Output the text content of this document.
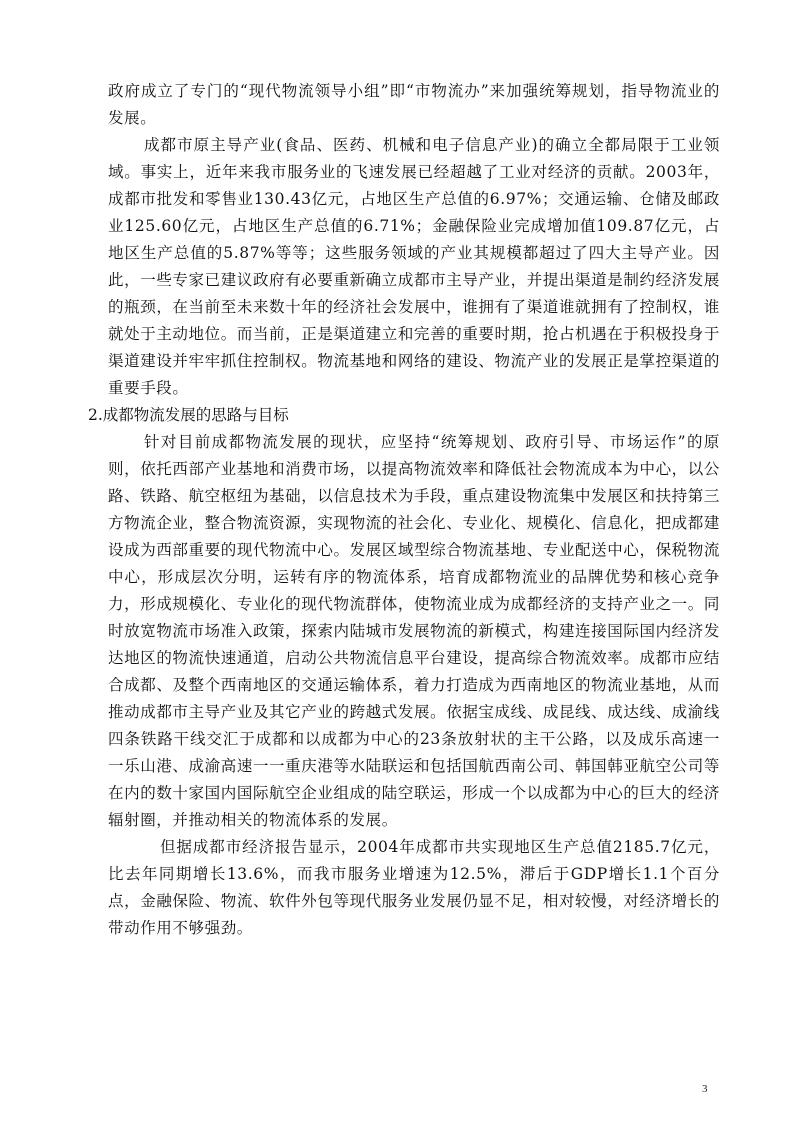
政府成立了专门的“现代物流领导小组”即“市物流办”来加强统筹规划，指导物流业的发展。

成都市原主导产业(食品、医药、机械和电子信息产业)的确立全都局限于工业领域。事实上，近年来我市服务业的飞速发展已经超越了工业对经济的贡献。2003年，成都市批发和零售业130.43亿元，占地区生产总值的6.97%；交通运输、仓储及邮政业125.60亿元，占地区生产总值的6.71%；金融保险业完成增加值109.87亿元，占地区生产总值的5.87%等等；这些服务领域的产业其规模都超过了四大主导产业。因此，一些专家已建议政府有必要重新确立成都市主导产业，并提出渠道是制约经济发展的瓶颈，在当前至未来数十年的经济社会发展中，谁拥有了渠道谁就拥有了控制权，谁就处于主动地位。而当前，正是渠道建立和完善的重要时期，抢占机遇在于积极投身于渠道建设并牢牢抓住控制权。物流基地和网络的建设、物流产业的发展正是掌控渠道的重要手段。

2.成都物流发展的思路与目标

针对目前成都物流发展的现状，应坚持“统筹规划、政府引导、市场运作”的原则，依托西部产业基地和消费市场，以提高物流效率和降低社会物流成本为中心，以公路、铁路、航空枢纽为基础，以信息技术为手段，重点建设物流集中发展区和扶持第三方物流企业，整合物流资源，实现物流的社会化、专业化、规模化、信息化，把成都建设成为西部重要的现代物流中心。发展区域型综合物流基地、专业配送中心，保税物流中心，形成层次分明，运转有序的物流体系，培育成都物流业的品牌优势和核心竞争力，形成规模化、专业化的现代物流群体，使物流业成为成都经济的支持产业之一。同时放宽物流市场准入政策，探索内陆城市发展物流的新模式，构建连接国际国内经济发达地区的物流快速通道，启动公共物流信息平台建设，提高综合物流效率。成都市应结合成都、及整个西南地区的交通运输体系，着力打造成为西南地区的物流业基地，从而推动成都市主导产业及其它产业的跨越式发展。依据宝成线、成昆线、成达线、成渝线四条铁路干线交汇于成都和以成都为中心的23条放射状的主干公路，以及成乐高速一一乐山港、成渝高速一一重庆港等水陆联运和包括国航西南公司、韩国韩亚航空公司等在内的数十家国内国际航空企业组成的陆空联运，形成一个以成都为中心的巨大的经济辐射圈，并推动相关的物流体系的发展。

但据成都市经济报告显示，2004年成都市共实现地区生产总值2185.7亿元，比去年同期增长13.6%，而我市服务业增速为12.5%，滞后于GDP增长1.1个百分点，金融保险、物流、软件外包等现代服务业发展仍显不足，相对较慢，对经济增长的带动作用不够强劲。

3
